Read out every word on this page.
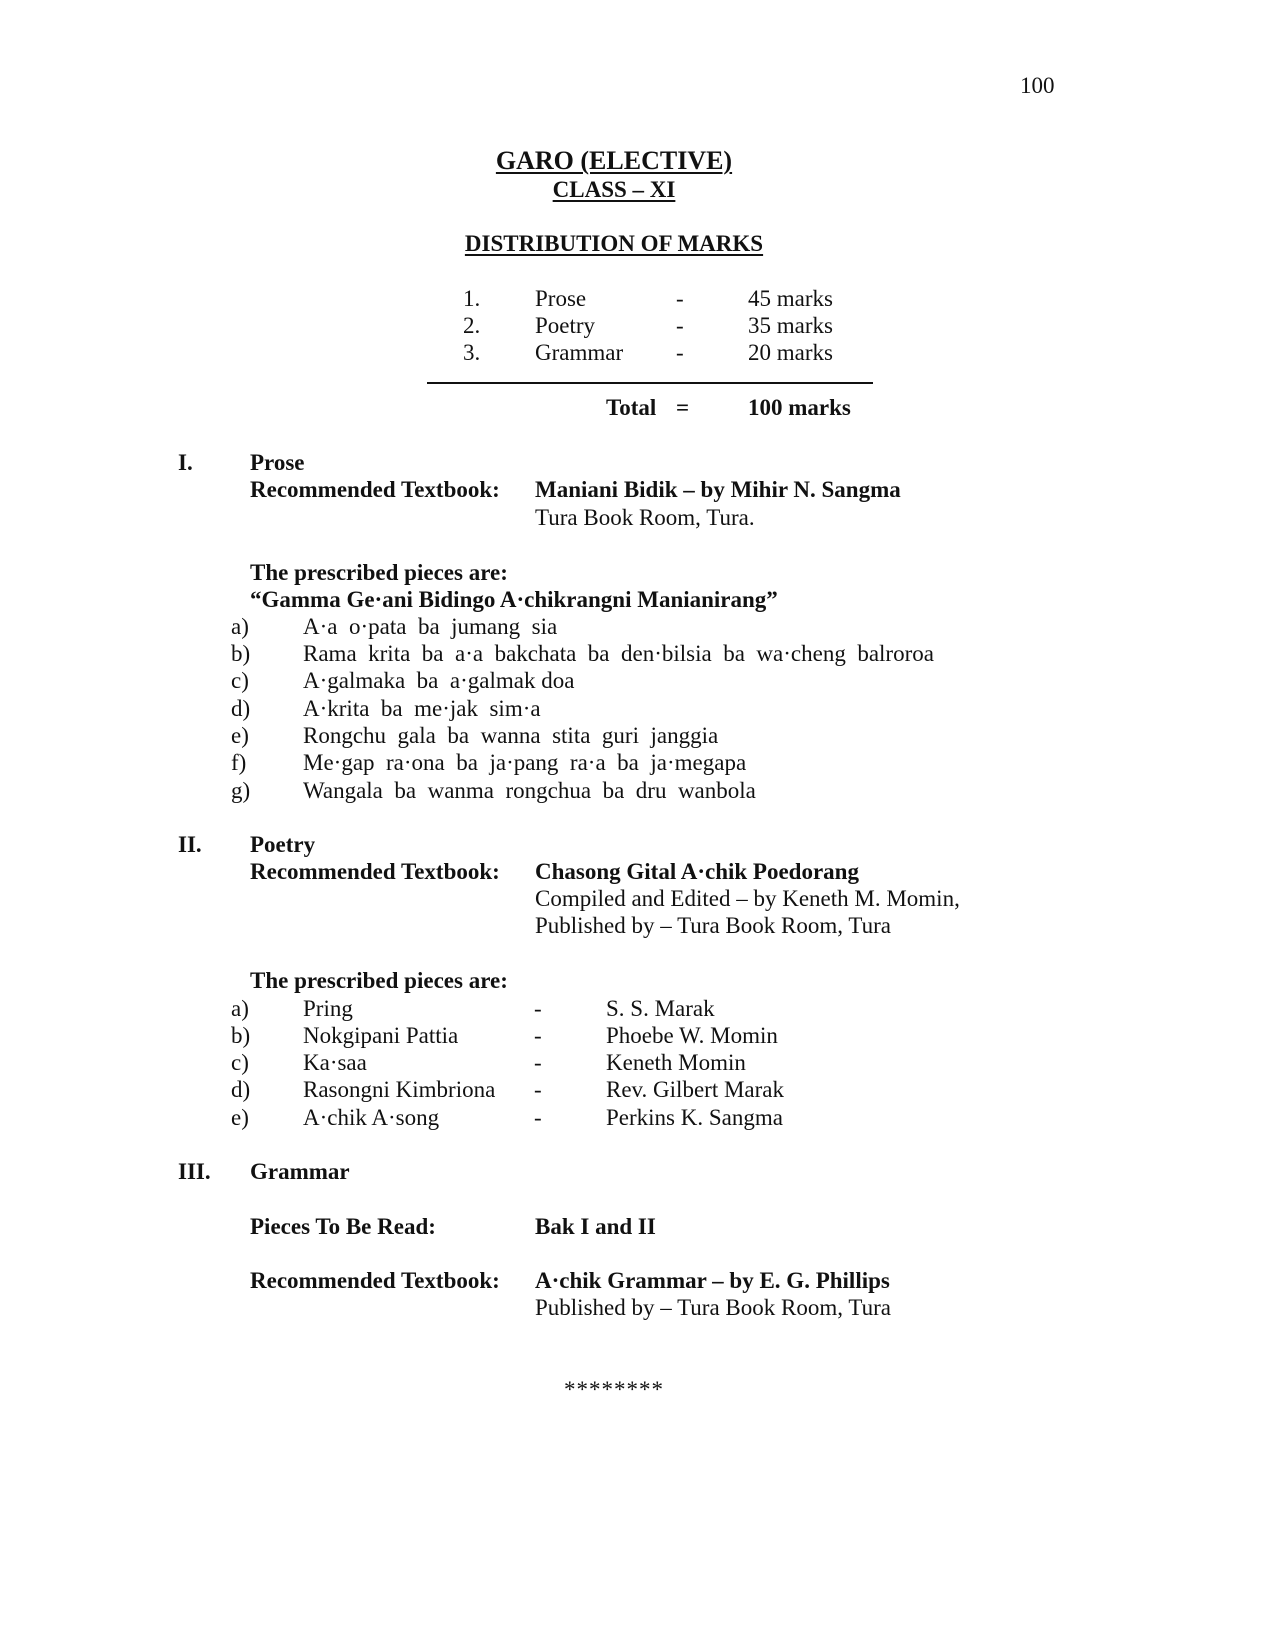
100
GARO (ELECTIVE)
CLASS – XI
DISTRIBUTION OF MARKS
1. Prose	-	45 marks
2. Poetry	-	35 marks
3. Grammar -	20 marks
Total =	100 marks
I. Prose
Recommended Textbook: Maniani Bidik – by Mihir N. Sangma
Tura Book Room, Tura.
The prescribed pieces are:
“Gamma Ge·ani Bidingo A·chikrangni Manianirang”
a) A·a  o·pata  ba  jumang  sia
b) Rama  krita  ba  a·a  bakchata  ba  den·bilsia  ba  wa·cheng  balroroa
c) A·galmaka  ba  a·galmak doa
d) A·krita  ba  me·jak  sim·a
e) Rongchu  gala  ba  wanna  stita  guri  janggia
f) Me·gap  ra·ona  ba  ja·pang  ra·a  ba  ja·megapa
g) Wangala  ba  wanma  rongchua  ba  dru  wanbola
II. Poetry
Recommended Textbook: Chasong Gital A·chik Poedorang
Compiled and Edited – by Keneth M. Momin,
Published by – Tura Book Room, Tura
The prescribed pieces are:
a) Pring	-	S. S. Marak
b) Nokgipani Pattia	-	Phoebe W. Momin
c) Ka·saa	-	Keneth Momin
d) Rasongni Kimbriona -	Rev. Gilbert Marak
e) A·chik A·song	-	Perkins K. Sangma
III. Grammar
Pieces To Be Read:	Bak I and II
Recommended Textbook: A·chik Grammar – by E. G. Phillips
Published by – Tura Book Room, Tura
********
